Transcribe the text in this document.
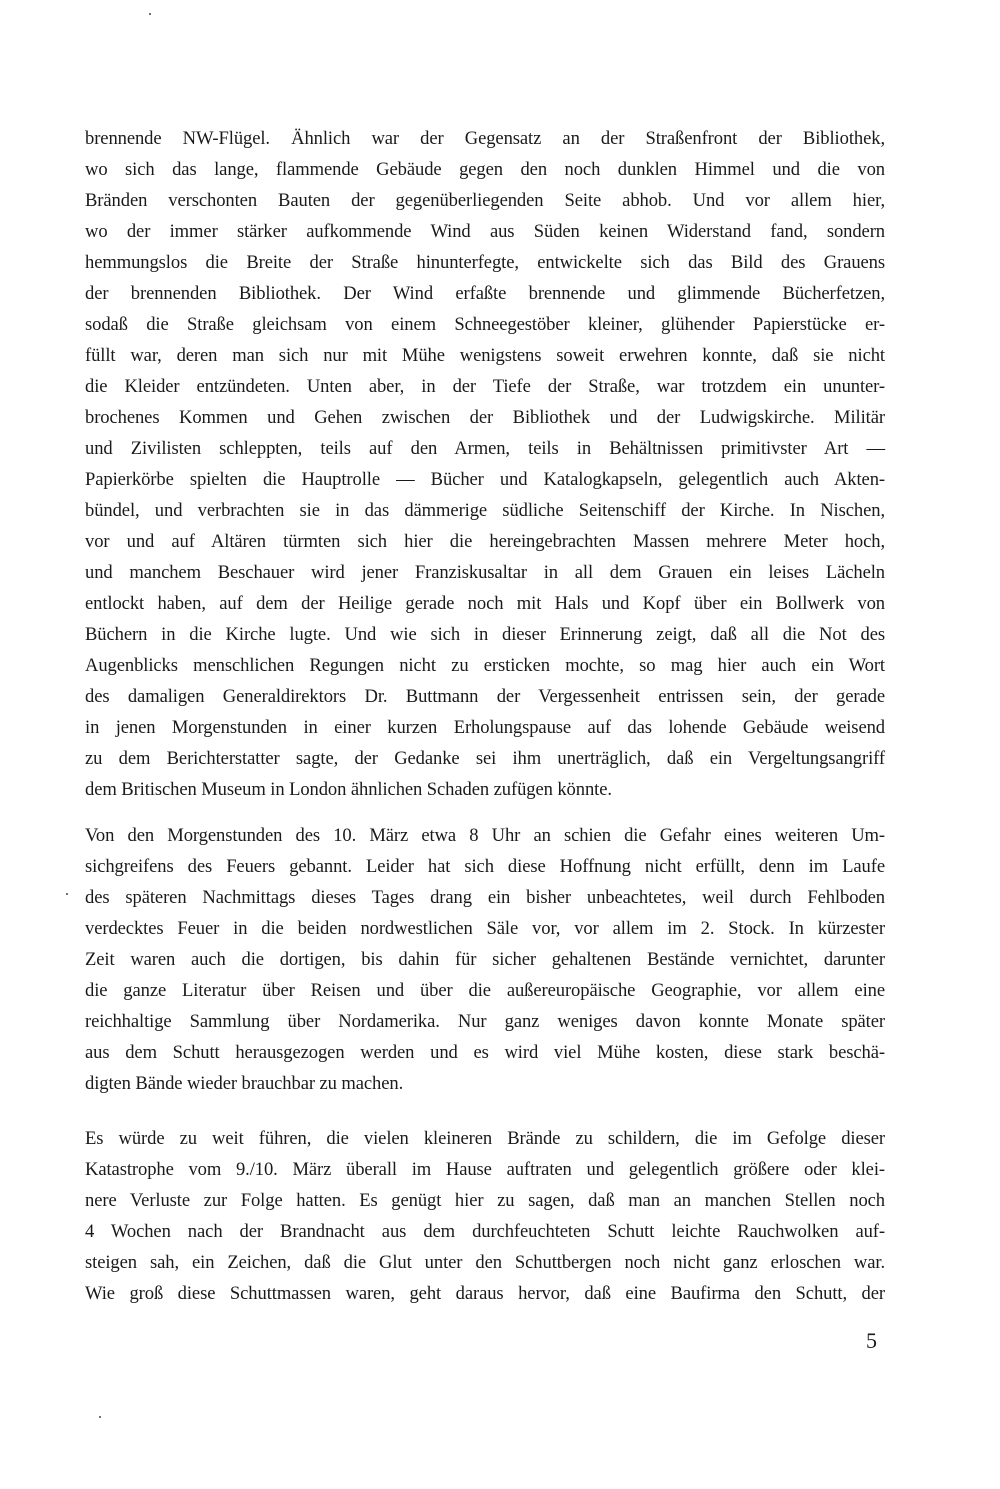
brennende NW-Flügel. Ähnlich war der Gegensatz an der Straßenfront der Bibliothek,
wo sich das lange, flammende Gebäude gegen den noch dunklen Himmel und die von
Bränden verschonten Bauten der gegenüberliegenden Seite abhob. Und vor allem hier,
wo der immer stärker aufkommende Wind aus Süden keinen Widerstand fand, sondern
hemmungslos die Breite der Straße hinunterfegte, entwickelte sich das Bild des Grauens
der brennenden Bibliothek. Der Wind erfaßte brennende und glimmende Bücherfetzen,
sodaß die Straße gleichsam von einem Schneegestöber kleiner, glühender Papierstücke er-
füllt war, deren man sich nur mit Mühe wenigstens soweit erwehren konnte, daß sie nicht
die Kleider entzündeten. Unten aber, in der Tiefe der Straße, war trotzdem ein ununter-
brochenes Kommen und Gehen zwischen der Bibliothek und der Ludwigskirche. Militär
und Zivilisten schleppten, teils auf den Armen, teils in Behältnissen primitivster Art —
Papierkörbe spielten die Hauptrolle — Bücher und Katalogkapseln, gelegentlich auch Akten-
bündel, und verbrachten sie in das dämmerige südliche Seitenschiff der Kirche. In Nischen,
vor und auf Altären türmten sich hier die hereingebrachten Massen mehrere Meter hoch,
und manchem Beschauer wird jener Franziskusaltar in all dem Grauen ein leises Lächeln
entlockt haben, auf dem der Heilige gerade noch mit Hals und Kopf über ein Bollwerk von
Büchern in die Kirche lugte. Und wie sich in dieser Erinnerung zeigt, daß all die Not des
Augenblicks menschlichen Regungen nicht zu ersticken mochte, so mag hier auch ein Wort
des damaligen Generaldirektors Dr. Buttmann der Vergessenheit entrissen sein, der gerade
in jenen Morgenstunden in einer kurzen Erholungspause auf das lohende Gebäude weisend
zu dem Berichterstatter sagte, der Gedanke sei ihm unerträglich, daß ein Vergeltungsangriff
dem Britischen Museum in London ähnlichen Schaden zufügen könnte.
Von den Morgenstunden des 10. März etwa 8 Uhr an schien die Gefahr eines weiteren Um-
sichgreifens des Feuers gebannt. Leider hat sich diese Hoffnung nicht erfüllt, denn im Laufe
des späteren Nachmittags dieses Tages drang ein bisher unbeachtetes, weil durch Fehlboden
verdecktes Feuer in die beiden nordwestlichen Säle vor, vor allem im 2. Stock. In kürzester
Zeit waren auch die dortigen, bis dahin für sicher gehaltenen Bestände vernichtet, darunter
die ganze Literatur über Reisen und über die außereuropäische Geographie, vor allem eine
reichhaltige Sammlung über Nordamerika. Nur ganz weniges davon konnte Monate später
aus dem Schutt herausgezogen werden und es wird viel Mühe kosten, diese stark beschä-
digten Bände wieder brauchbar zu machen.
Es würde zu weit führen, die vielen kleineren Brände zu schildern, die im Gefolge dieser
Katastrophe vom 9./10. März überall im Hause auftraten und gelegentlich größere oder klei-
nere Verluste zur Folge hatten. Es genügt hier zu sagen, daß man an manchen Stellen noch
4 Wochen nach der Brandnacht aus dem durchfeuchteten Schutt leichte Rauchwolken auf-
steigen sah, ein Zeichen, daß die Glut unter den Schuttbergen noch nicht ganz erloschen war.
Wie groß diese Schuttmassen waren, geht daraus hervor, daß eine Baufirma den Schutt, der
5
